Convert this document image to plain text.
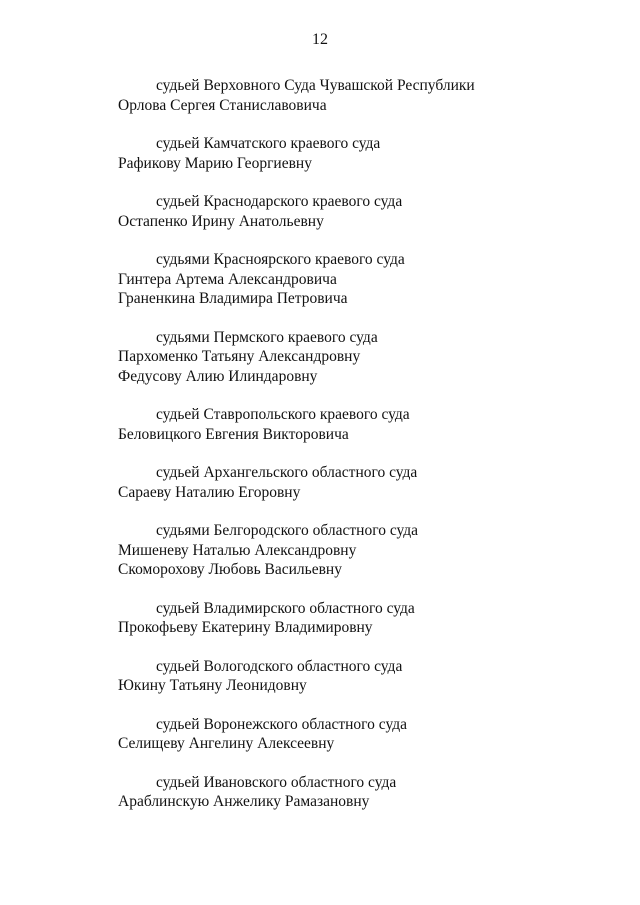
12
судьей Верховного Суда Чувашской Республики
Орлова Сергея Станиславовича
судьей Камчатского краевого суда
Рафикову Марию Георгиевну
судьей Краснодарского краевого суда
Остапенко Ирину Анатольевну
судьями Красноярского краевого суда
Гинтера Артема Александровича
Граненкина Владимира Петровича
судьями Пермского краевого суда
Пархоменко Татьяну Александровну
Федусову Алию Илиндаровну
судьей Ставропольского краевого суда
Беловицкого Евгения Викторовича
судьей Архангельского областного суда
Сараеву Наталию Егоровну
судьями Белгородского областного суда
Мишеневу Наталью Александровну
Скоморохову Любовь Васильевну
судьей Владимирского областного суда
Прокофьеву Екатерину Владимировну
судьей Вологодского областного суда
Юкину Татьяну Леонидовну
судьей Воронежского областного суда
Селищеву Ангелину Алексеевну
судьей Ивановского областного суда
Араблинскую Анжелику Рамазановну
